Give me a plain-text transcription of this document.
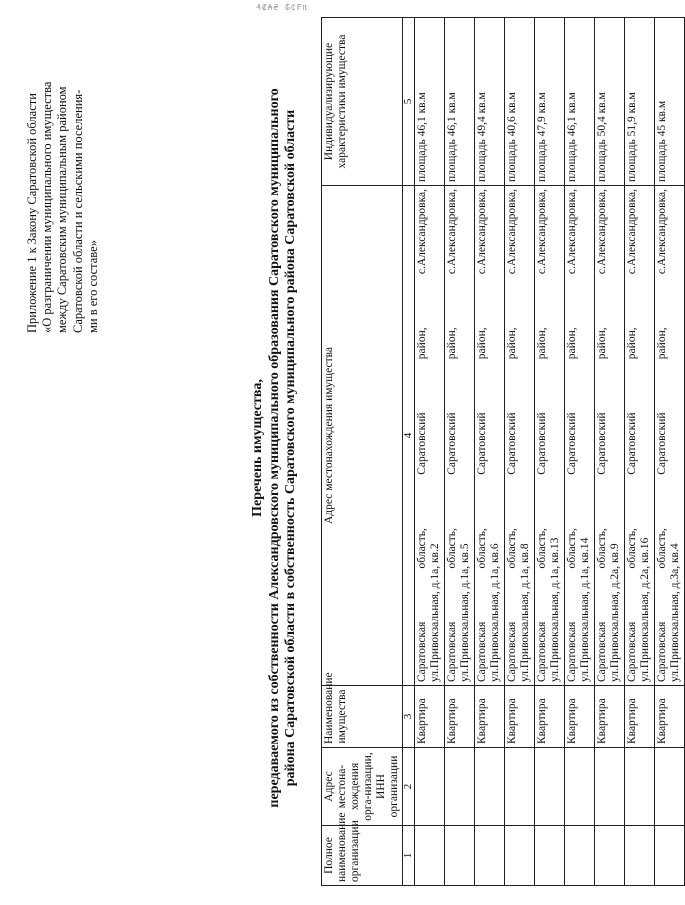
₰₡₳₴ ₲₵₣₶
Приложение 1 к Закону Саратовской области «О разграничении муниципального имущества между Саратовским муниципальным районом Саратовской области и сельскими поселения- ми в его составе»
Перечень имущества, передаваемого из собственности Александровского муниципального образования Саратовского муниципального района Саратовской области в собственность Саратовского муниципального района Саратовской области
Полное наименование организации	Адрес местона-хождения орга-низации, ИНН организации	Наименование имущества	Адрес местонахождения имущества	Индивидуализирующие характеристики имущества
1	2	3	4	5
		Квартира	Саратовская область, Саратовский район, с.Александровка, ул.Привокзальная, д.1а, кв.2	площадь 46,1 кв.м
		Квартира	Саратовская область, Саратовский район, с.Александровка, ул.Привокзальная, д.1а, кв.5	площадь 46,1 кв.м
		Квартира	Саратовская область, Саратовский район, с.Александровка, ул.Привокзальная, д.1а, кв.6	площадь 49,4 кв.м
		Квартира	Саратовская область, Саратовский район, с.Александровка, ул.Привокзальная, д.1а, кв.8	площадь 40,6 кв.м
		Квартира	Саратовская область, Саратовский район, с.Александровка, ул.Привокзальная, д.1а, кв.13	площадь 47,9 кв.м
		Квартира	Саратовская область, Саратовский район, с.Александровка, ул.Привокзальная, д.1а, кв.14	площадь 46,1 кв.м
		Квартира	Саратовская область, Саратовский район, с.Александровка, ул.Привокзальная, д.2а, кв.9	площадь 50,4 кв.м
		Квартира	Саратовская область, Саратовский район, с.Александровка, ул.Привокзальная, д.2а, кв.16	площадь 51,9 кв.м
		Квартира	Саратовская область, Саратовский район, с.Александровка, ул.Привокзальная, д.3а, кв.4	площадь 45 кв.м
